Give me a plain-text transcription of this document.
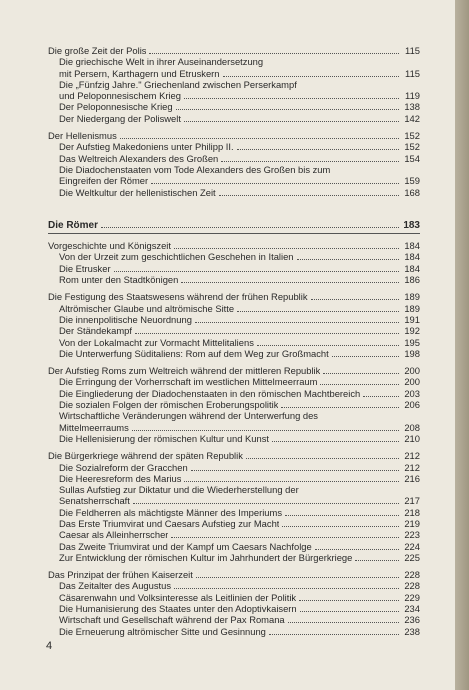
Die große Zeit der Polis	115
Die griechische Welt in ihrer Auseinandersetzung
mit Persern, Karthagern und Etruskern	115
Die „Fünfzig Jahre." Griechenland zwischen Perserkampf
und Peloponnesischem Krieg	119
Der Peloponnesische Krieg	138
Der Niedergang der Poliswelt	142
Der Hellenismus	152
Der Aufstieg Makedoniens unter Philipp II.	152
Das Weltreich Alexanders des Großen	154
Die Diadochenstaaten vom Tode Alexanders des Großen bis zum
Eingreifen der Römer	159
Die Weltkultur der hellenistischen Zeit	168
Die Römer	183
Vorgeschichte und Königszeit	184
Von der Urzeit zum geschichtlichen Geschehen in Italien	184
Die Etrusker	184
Rom unter den Stadtkönigen	186
Die Festigung des Staatswesens während der frühen Republik	189
Altrömischer Glaube und altrömische Sitte	189
Die innenpolitische Neuordnung	191
Der Ständekampf	192
Von der Lokalmacht zur Vormacht Mittelitaliens	195
Die Unterwerfung Süditaliens: Rom auf dem Weg zur Großmacht	198
Der Aufstieg Roms zum Weltreich während der mittleren Republik	200
Die Erringung der Vorherrschaft im westlichen Mittelmeerraum	200
Die Eingliederung der Diadochenstaaten in den römischen Machtbereich	203
Die sozialen Folgen der römischen Eroberungspolitik	206
Wirtschaftliche Veränderungen während der Unterwerfung des
Mittelmeerraums	208
Die Hellenisierung der römischen Kultur und Kunst	210
Die Bürgerkriege während der späten Republik	212
Die Sozialreform der Gracchen	212
Die Heeresreform des Marius	216
Sullas Aufstieg zur Diktatur und die Wiederherstellung der
Senatsherrschaft	217
Die Feldherren als mächtigste Männer des Imperiums	218
Das Erste Triumvirat und Caesars Aufstieg zur Macht	219
Caesar als Alleinherrscher	223
Das Zweite Triumvirat und der Kampf um Caesars Nachfolge	224
Zur Entwicklung der römischen Kultur im Jahrhundert der Bürgerkriege	225
Das Prinzipat der frühen Kaiserzeit	228
Das Zeitalter des Augustus	228
Cäsarenwahn und Volksinteresse als Leitlinien der Politik	229
Die Humanisierung des Staates unter den Adoptivkaisern	234
Wirtschaft und Gesellschaft während der Pax Romana	236
Die Erneuerung altrömischer Sitte und Gesinnung	238
4
